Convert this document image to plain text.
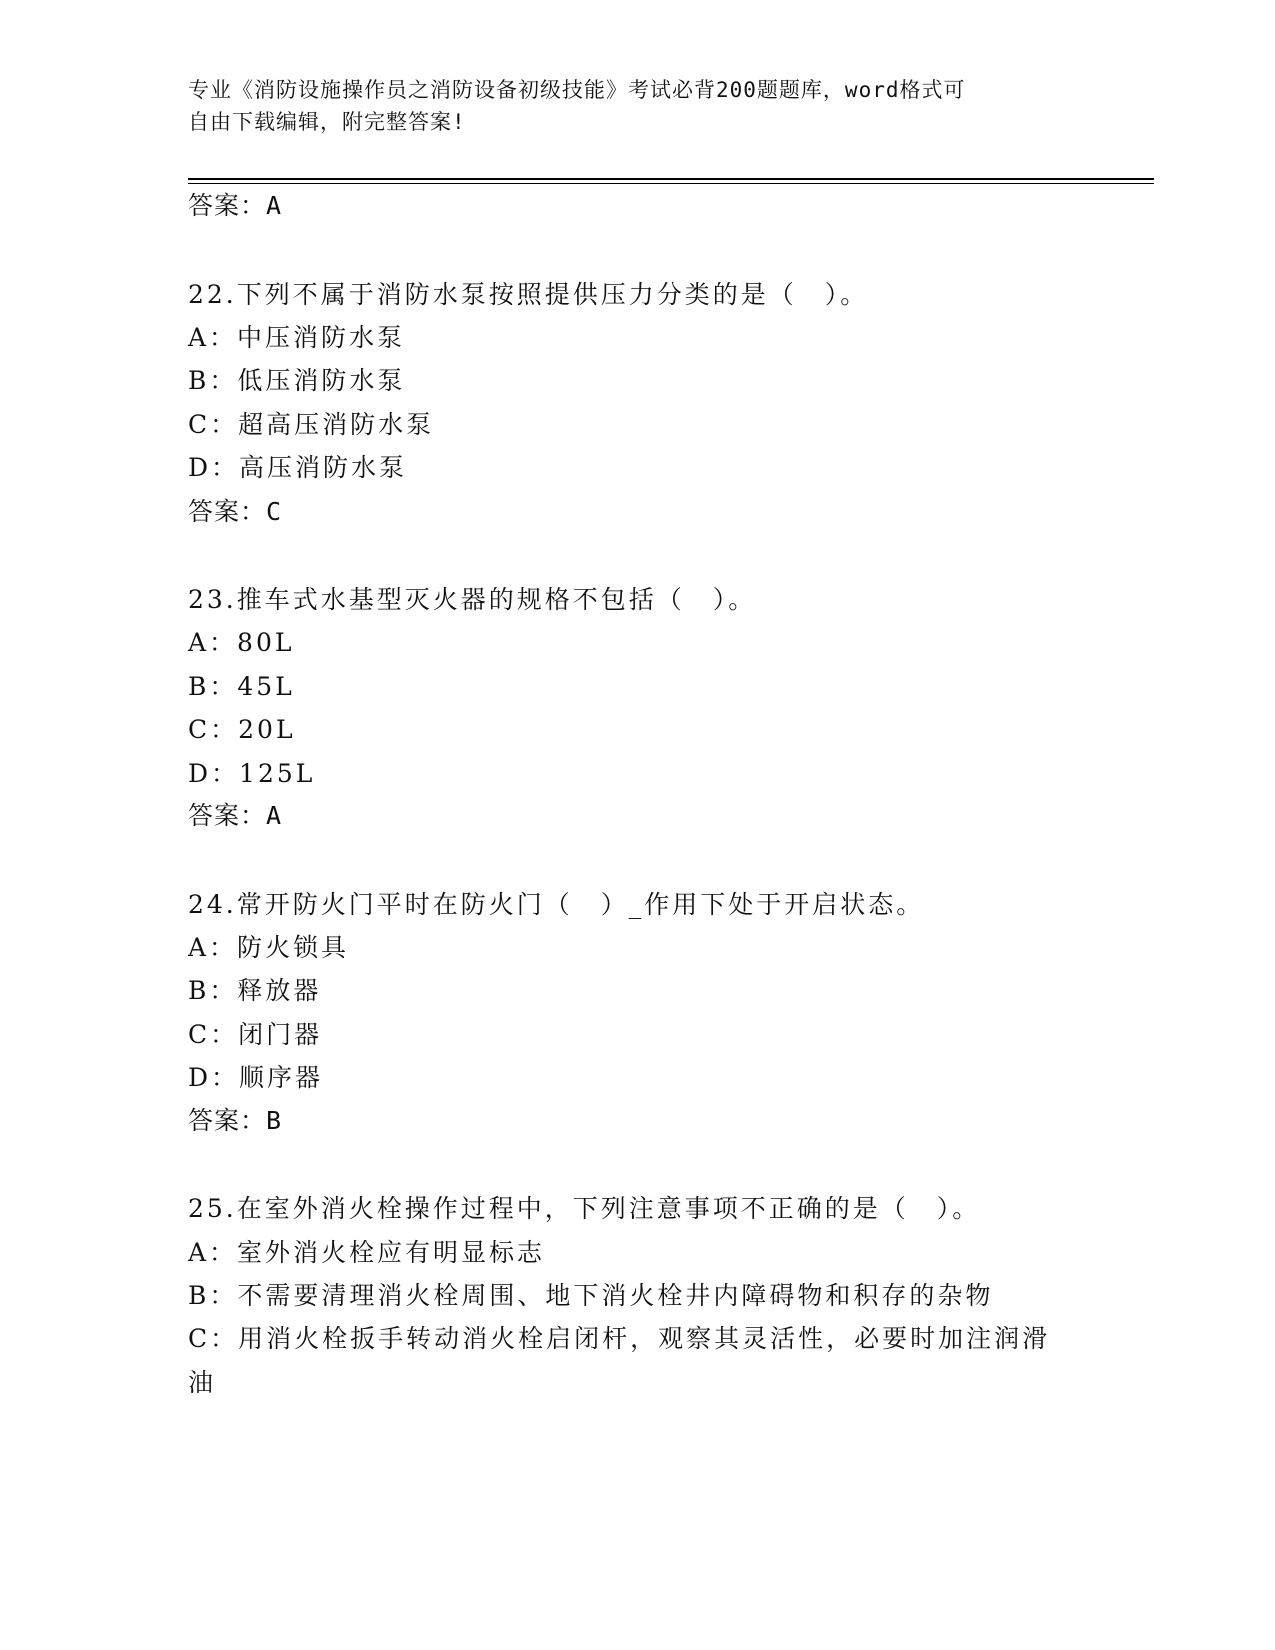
专业《消防设施操作员之消防设备初级技能》考试必背200题题库，word格式可
自由下载编辑，附完整答案!
答案：A
22.下列不属于消防水泵按照提供压力分类的是（　）。
A：中压消防水泵
B：低压消防水泵
C：超高压消防水泵
D：高压消防水泵
答案：C
23.推车式水基型灭火器的规格不包括（　）。
A：80L
B：45L
C：20L
D：125L
答案：A
24.常开防火门平时在防火门（　）_作用下处于开启状态。
A：防火锁具
B：释放器
C：闭门器
D：顺序器
答案：B
25.在室外消火栓操作过程中，下列注意事项不正确的是（　）。
A：室外消火栓应有明显标志
B：不需要清理消火栓周围、地下消火栓井内障碍物和积存的杂物
C：用消火栓扳手转动消火栓启闭杆，观察其灵活性，必要时加注润滑
油
